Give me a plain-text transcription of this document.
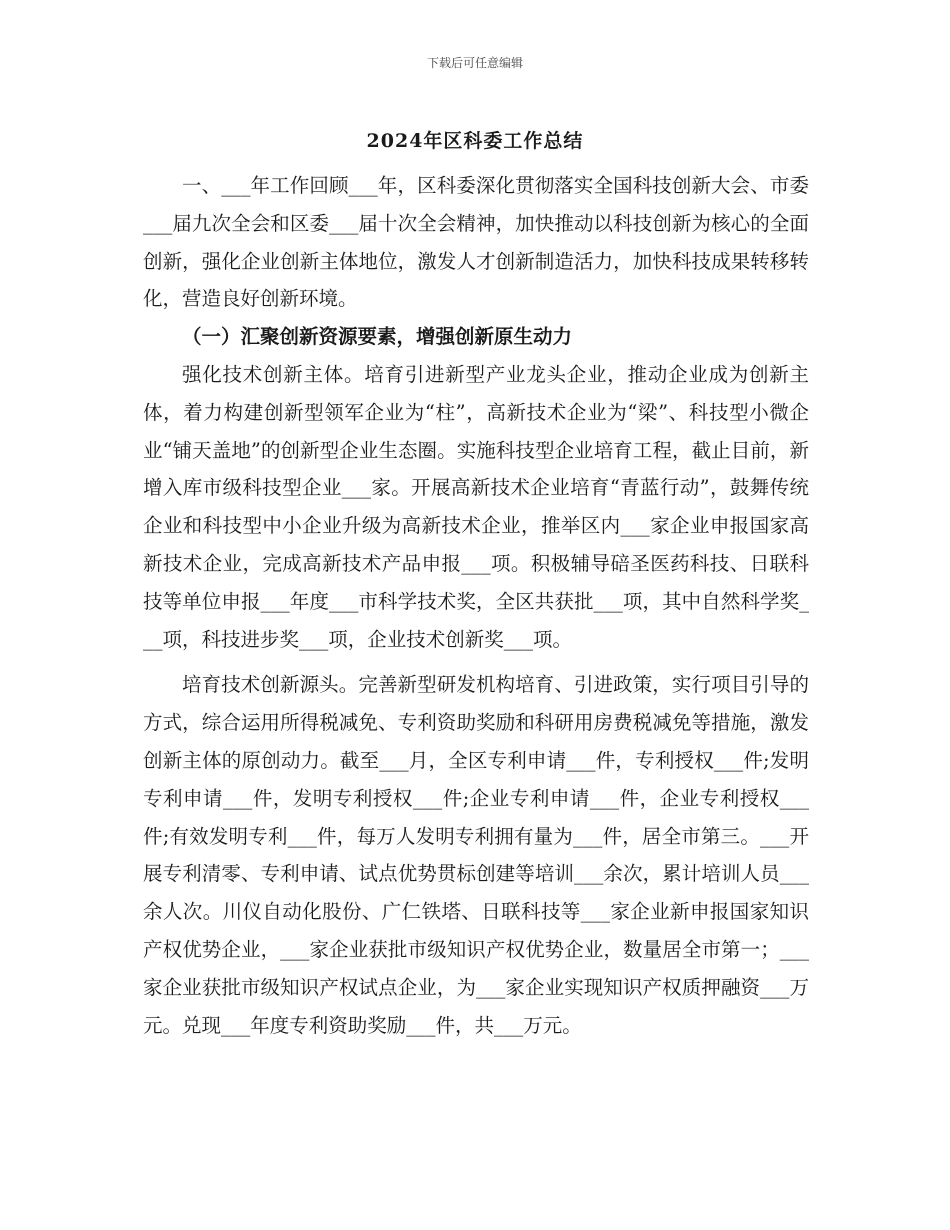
下载后可任意编辑
2024年区科委工作总结

一、___年工作回顾___年，区科委深化贯彻落实全国科技创新大会、市委___届九次全会和区委___届十次全会精神，加快推动以科技创新为核心的全面创新，强化企业创新主体地位，激发人才创新制造活力，加快科技成果转移转化，营造良好创新环境。

（一）汇聚创新资源要素，增强创新原生动力

强化技术创新主体。培育引进新型产业龙头企业，推动企业成为创新主体，着力构建创新型领军企业为“柱”，高新技术企业为“梁”、科技型小微企业“铺天盖地”的创新型企业生态圈。实施科技型企业培育工程，截止目前，新增入库市级科技型企业___家。开展高新技术企业培育“青蓝行动”，鼓舞传统企业和科技型中小企业升级为高新技术企业，推举区内___家企业申报国家高新技术企业，完成高新技术产品申报___项。积极辅导碚圣医药科技、日联科技等单位申报___年度___市科学技术奖，全区共获批___项，其中自然科学奖___项，科技进步奖___项，企业技术创新奖___项。

培育技术创新源头。完善新型研发机构培育、引进政策，实行项目引导的方式，综合运用所得税减免、专利资助奖励和科研用房费税减免等措施，激发创新主体的原创动力。截至___月，全区专利申请___件，专利授权___件;发明专利申请___件，发明专利授权___件;企业专利申请___件，企业专利授权___件;有效发明专利___件，每万人发明专利拥有量为___件，居全市第三。___开展专利清零、专利申请、试点优势贯标创建等培训___余次，累计培训人员___余人次。川仪自动化股份、广仁铁塔、日联科技等___家企业新申报国家知识产权优势企业，___家企业获批市级知识产权优势企业，数量居全市第一；___家企业获批市级知识产权试点企业，为___家企业实现知识产权质押融资___万元。兑现___年度专利资助奖励___件，共___万元。
